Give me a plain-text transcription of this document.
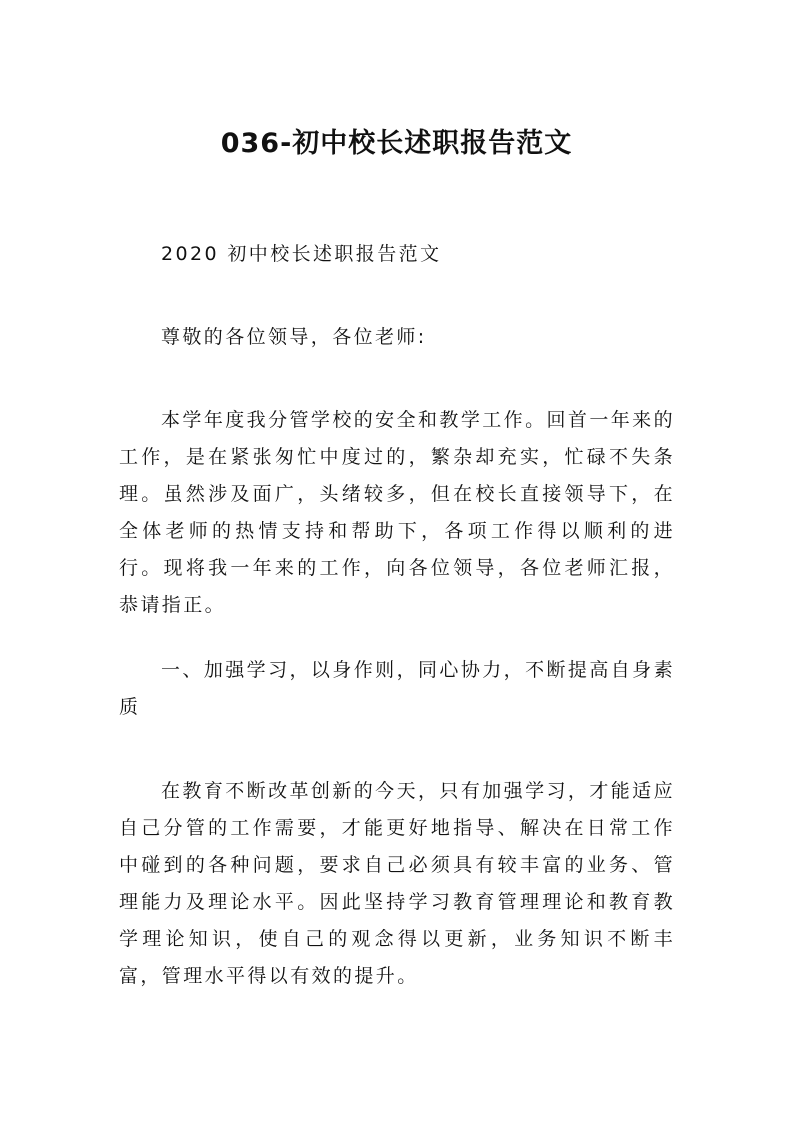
036-初中校长述职报告范文

2020 初中校长述职报告范文

尊敬的各位领导，各位老师:

本学年度我分管学校的安全和教学工作。回首一年来的工作，是在紧张匆忙中度过的，繁杂却充实，忙碌不失条理。虽然涉及面广，头绪较多，但在校长直接领导下，在全体老师的热情支持和帮助下，各项工作得以顺利的进行。现将我一年来的工作，向各位领导，各位老师汇报，恭请指正。

一、加强学习，以身作则，同心协力，不断提高自身素质

在教育不断改革创新的今天，只有加强学习，才能适应自己分管的工作需要，才能更好地指导、解决在日常工作中碰到的各种问题，要求自己必须具有较丰富的业务、管理能力及理论水平。因此坚持学习教育管理理论和教育教学理论知识，使自己的观念得以更新，业务知识不断丰富，管理水平得以有效的提升。
